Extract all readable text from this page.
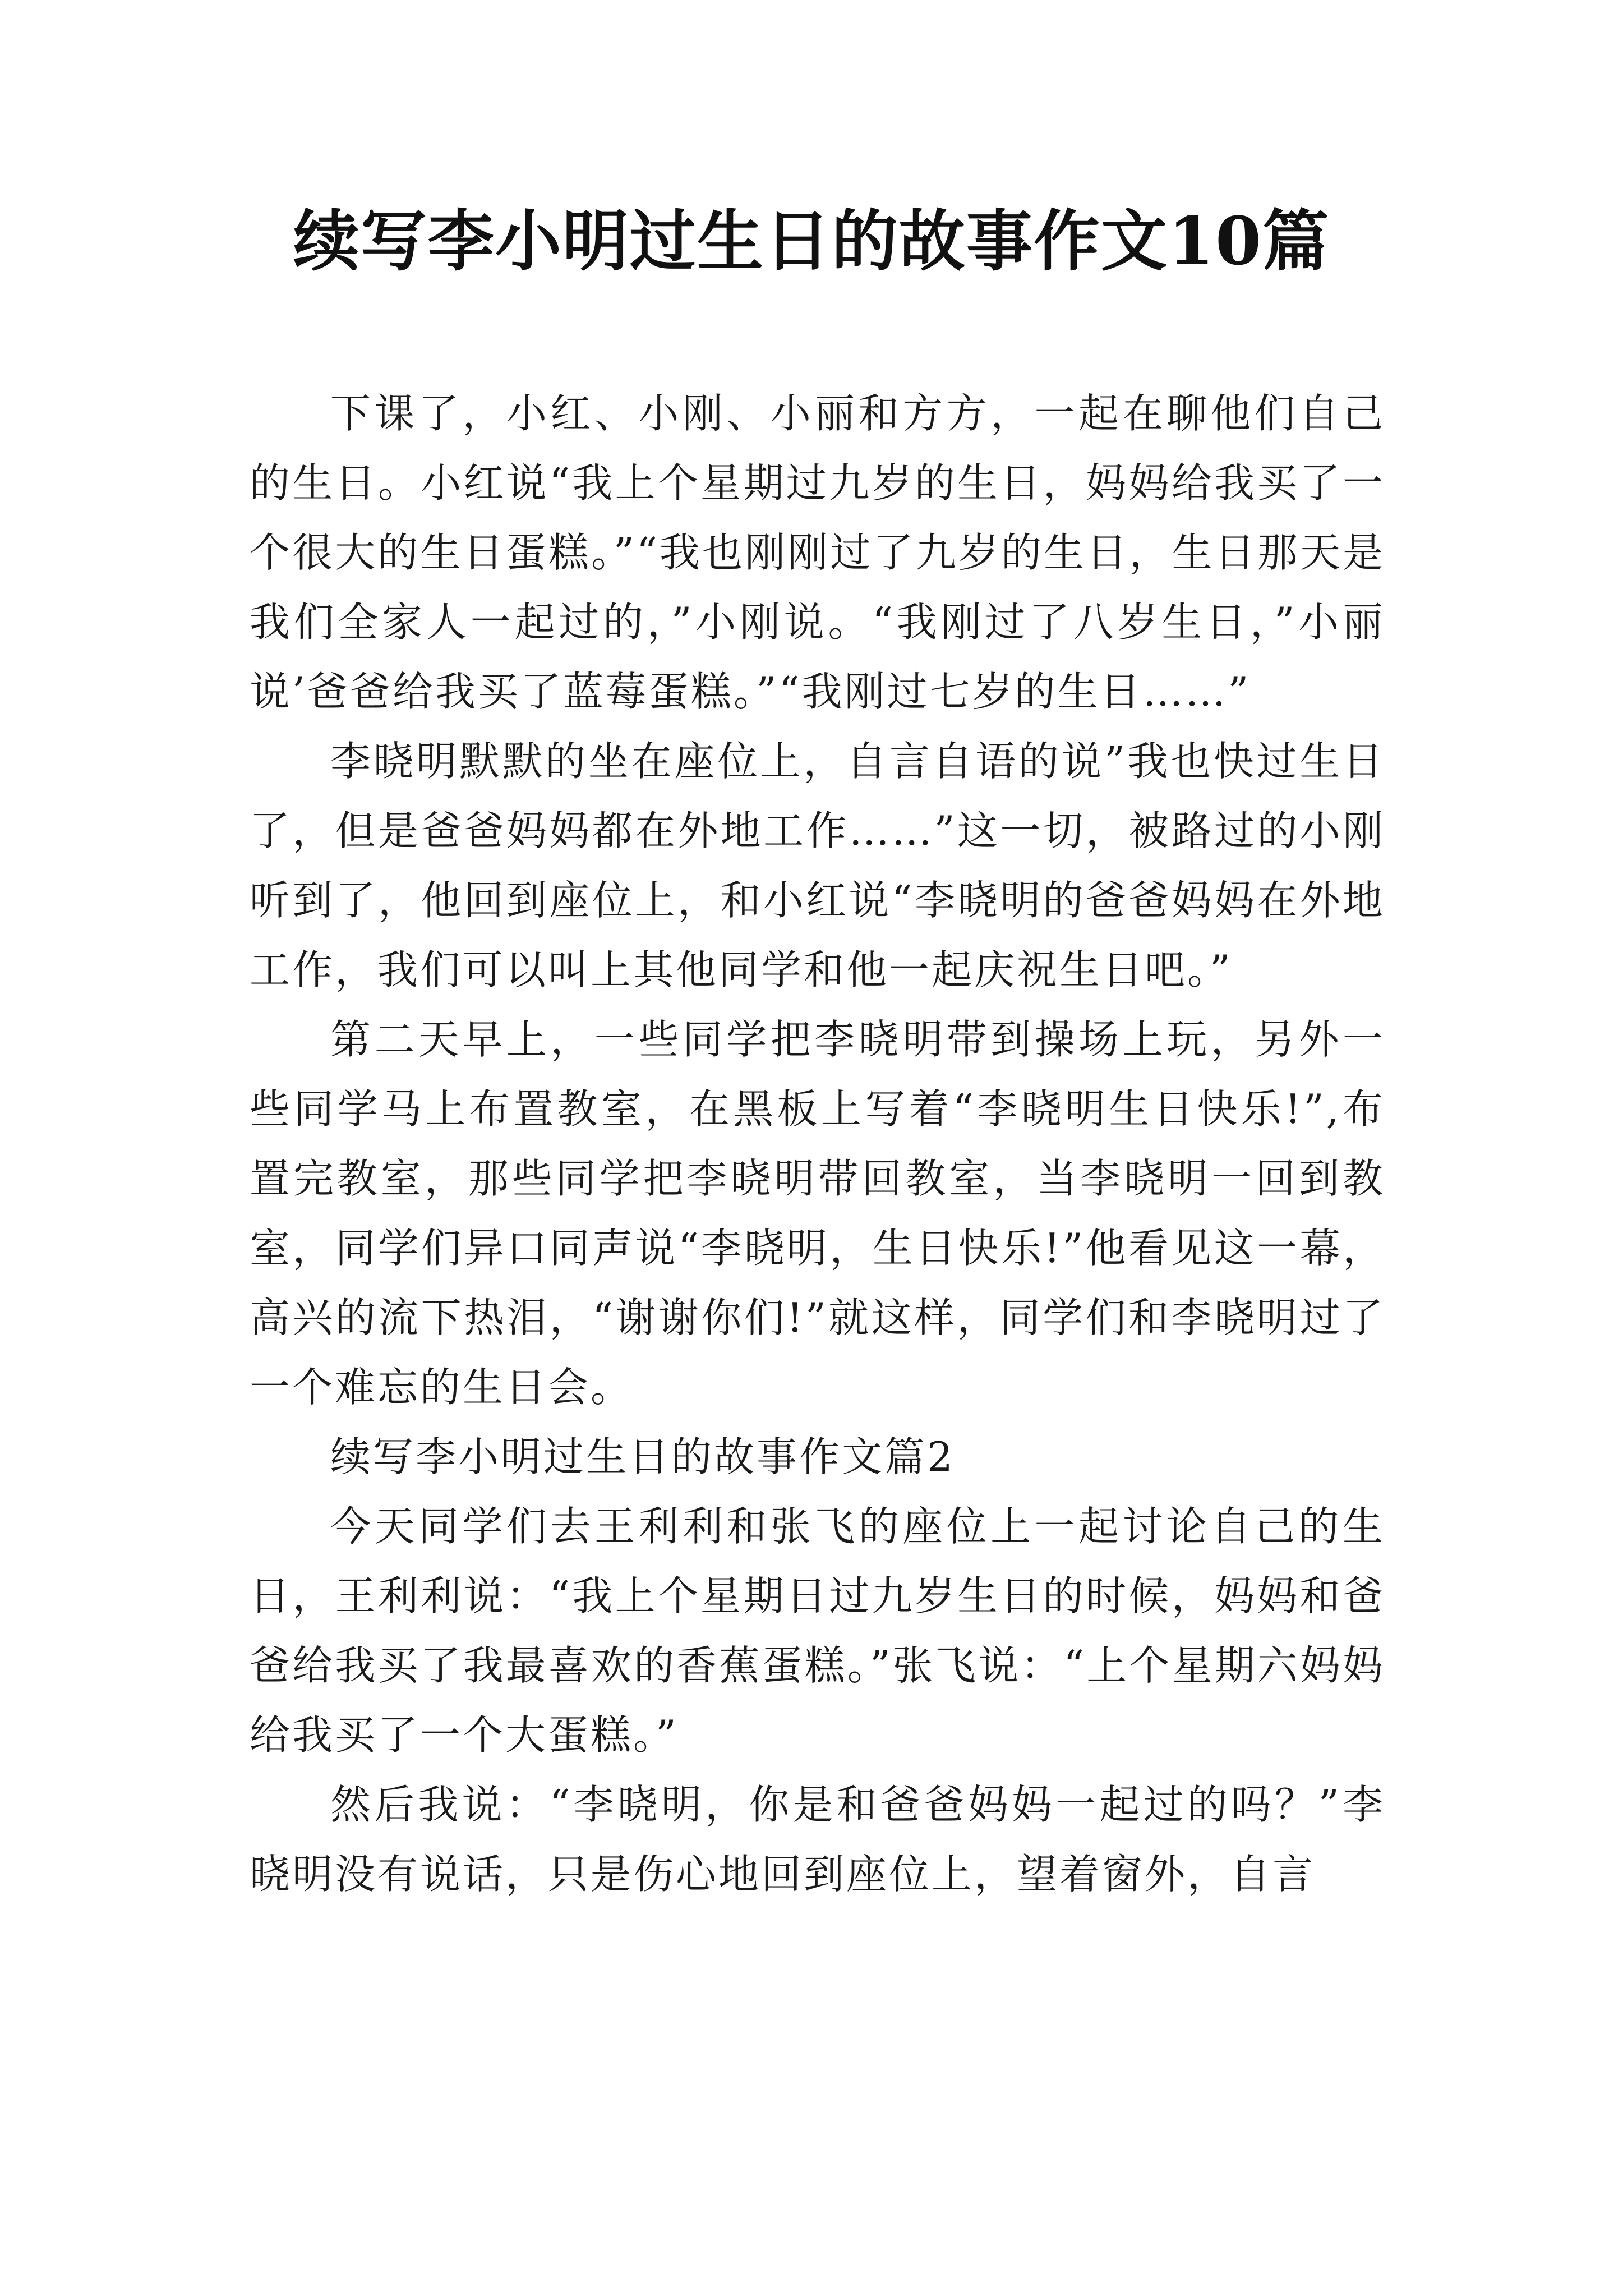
续写李小明过生日的故事作文10篇

下课了，小红、小刚、小丽和方方，一起在聊他们自己的生日。小红说“我上个星期过九岁的生日，妈妈给我买了一个很大的生日蛋糕。”“我也刚刚过了九岁的生日，生日那天是我们全家人一起过的，”小刚说。“我刚过了八岁生日，”小丽说’爸爸给我买了蓝莓蛋糕。”“我刚过七岁的生日……”

李晓明默默的坐在座位上，自言自语的说”我也快过生日了，但是爸爸妈妈都在外地工作……”这一切，被路过的小刚听到了，他回到座位上，和小红说“李晓明的爸爸妈妈在外地工作，我们可以叫上其他同学和他一起庆祝生日吧。”

第二天早上，一些同学把李晓明带到操场上玩，另外一些同学马上布置教室，在黑板上写着“李晓明生日快乐!”,布置完教室，那些同学把李晓明带回教室，当李晓明一回到教室，同学们异口同声说“李晓明，生日快乐!”他看见这一幕，高兴的流下热泪，“谢谢你们!”就这样，同学们和李晓明过了一个难忘的生日会。

续写李小明过生日的故事作文篇2

今天同学们去王利利和张飞的座位上一起讨论自己的生日，王利利说：“我上个星期日过九岁生日的时候，妈妈和爸爸给我买了我最喜欢的香蕉蛋糕。”张飞说：“上个星期六妈妈给我买了一个大蛋糕。”

然后我说：“李晓明，你是和爸爸妈妈一起过的吗？”李晓明没有说话，只是伤心地回到座位上，望着窗外，自言
